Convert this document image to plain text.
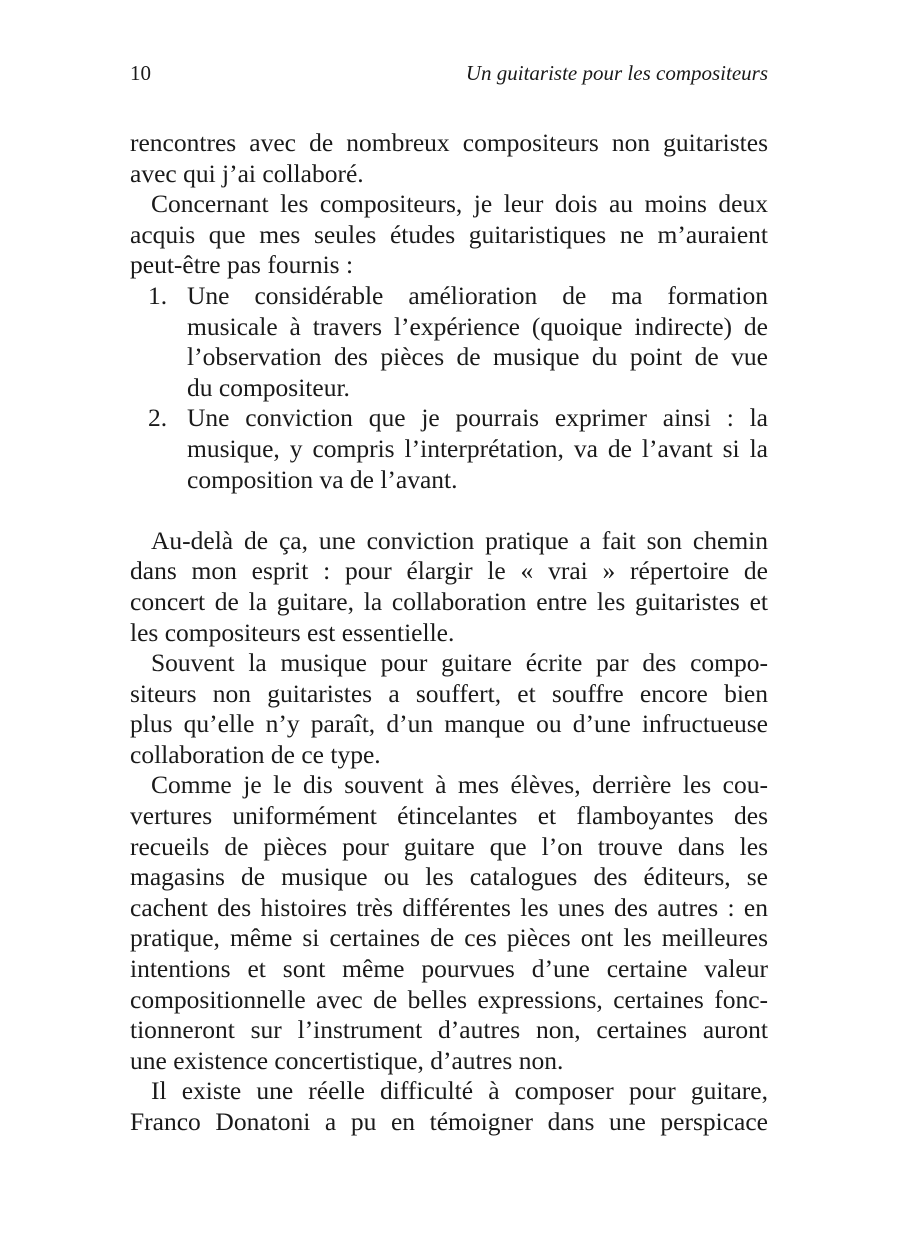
10	Un guitariste pour les compositeurs
rencontres avec de nombreux compositeurs non guitaristes
avec qui j’ai collaboré.
Concernant les compositeurs, je leur dois au moins deux
acquis que mes seules études guitaristiques ne m’auraient
peut-être pas fournis :
1. Une considérable amélioration de ma formation
musicale à travers l’expérience (quoique indirecte) de
l’observation des pièces de musique du point de vue
du compositeur.
2. Une conviction que je pourrais exprimer ainsi : la
musique, y compris l’interprétation, va de l’avant si la
composition va de l’avant.
Au-delà de ça, une conviction pratique a fait son chemin
dans mon esprit : pour élargir le « vrai » répertoire de
concert de la guitare, la collaboration entre les guitaristes et
les compositeurs est essentielle.
Souvent la musique pour guitare écrite par des compo-
siteurs non guitaristes a souffert, et souffre encore bien
plus qu’elle n’y paraît, d’un manque ou d’une infructueuse
collaboration de ce type.
Comme je le dis souvent à mes élèves, derrière les cou-
vertures uniformément étincelantes et flamboyantes des
recueils de pièces pour guitare que l’on trouve dans les
magasins de musique ou les catalogues des éditeurs, se
cachent des histoires très différentes les unes des autres : en
pratique, même si certaines de ces pièces ont les meilleures
intentions et sont même pourvues d’une certaine valeur
compositionnelle avec de belles expressions, certaines fonc-
tionneront sur l’instrument d’autres non, certaines auront
une existence concertistique, d’autres non.
Il existe une réelle difficulté à composer pour guitare,
Franco Donatoni a pu en témoigner dans une perspicace
